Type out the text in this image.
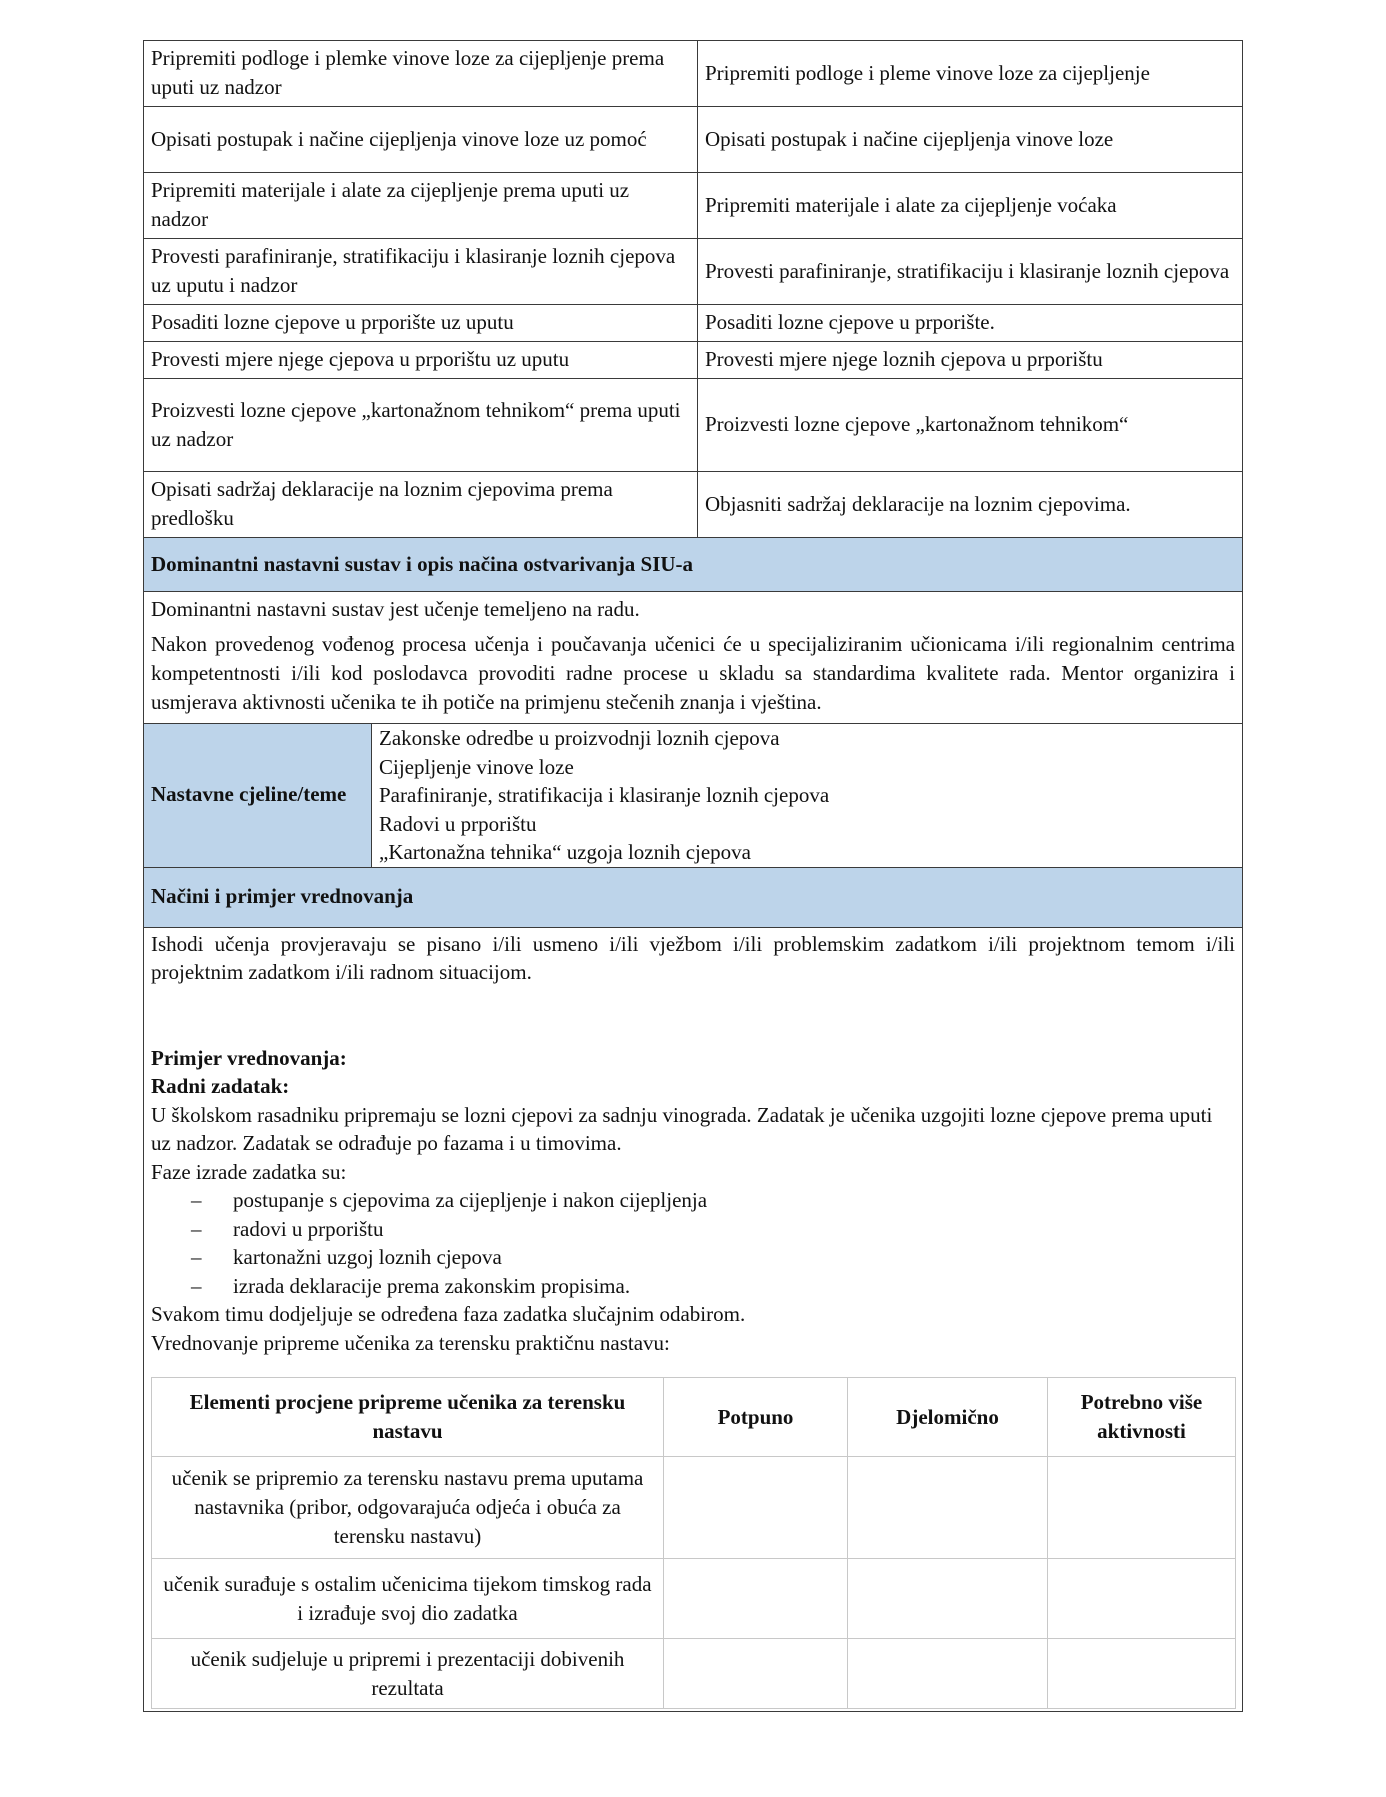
Pripremiti podloge i plemke vinove loze za cijepljenje prema uputi uz nadzor	Pripremiti podloge i pleme vinove loze za cijepljenje
Opisati postupak i načine cijepljenja vinove loze uz pomoć	Opisati postupak i načine cijepljenja vinove loze
Pripremiti materijale i alate za cijepljenje prema uputi uz nadzor	Pripremiti materijale i alate za cijepljenje voćaka
Provesti parafiniranje, stratifikaciju i klasiranje loznih cjepova uz uputu i nadzor	Provesti parafiniranje, stratifikaciju i klasiranje loznih cjepova
Posaditi lozne cjepove u prporište uz uputu	Posaditi lozne cjepove u prporište.
Provesti mjere njege cjepova u prporištu uz uputu	Provesti mjere njege loznih cjepova u prporištu
Proizvesti lozne cjepove „kartonažnom tehnikom“ prema uputi uz nadzor	Proizvesti lozne cjepove „kartonažnom tehnikom“
Opisati sadržaj deklaracije na loznim cjepovima prema predlošku	Objasniti sadržaj deklaracije na loznim cjepovima.
Dominantni nastavni sustav i opis načina ostvarivanja SIU-a

Dominantni nastavni sustav jest učenje temeljeno na radu.

Nakon provedenog vođenog procesa učenja i poučavanja učenici će u specijaliziranim učionicama i/ili regionalnim centrima kompetentnosti i/ili kod poslodavca provoditi radne procese u skladu sa standardima kvalitete rada. Mentor organizira i usmjerava aktivnosti učenika te ih potiče na primjenu stečenih znanja i vještina.

Nastavne cjeline/teme	
Zakonske odredbe u proizvodnji loznih cjepova
Cijepljenje vinove loze
Parafiniranje, stratifikacija i klasiranje loznih cjepova
Radovi u prporištu
„Kartonažna tehnika“ uzgoja loznih cjepova

Načini i primjer vrednovanja

Ishodi učenja provjeravaju se pisano i/ili usmeno i/ili vježbom i/ili problemskim zadatkom i/ili projektnom temom i/ili projektnim zadatkom i/ili radnom situacijom.

Primjer vrednovanja:
Radni zadatak:
U školskom rasadniku pripremaju se lozni cjepovi za sadnju vinograda. Zadatak je učenika uzgojiti lozne cjepove prema uputi uz nadzor. Zadatak se odrađuje po fazama i u timovima.
Faze izrade zadatka su:
– postupanje s cjepovima za cijepljenje i nakon cijepljenja
– radovi u prporištu
– kartonažni uzgoj loznih cjepova
– izrada deklaracije prema zakonskim propisima.
Svakom timu dodjeljuje se određena faza zadatka slučajnim odabirom.
Vrednovanje pripreme učenika za terensku praktičnu nastavu:
Elementi procjene pripreme učenika za terensku nastavu	Potpuno	Djelomično	Potrebno više aktivnosti
učenik se pripremio za terensku nastavu prema uputama nastavnika (pribor, odgovarajuća odjeća i obuća za terensku nastavu)			
učenik surađuje s ostalim učenicima tijekom timskog rada i izrađuje svoj dio zadatka			
učenik sudjeluje u pripremi i prezentaciji dobivenih rezultata			
